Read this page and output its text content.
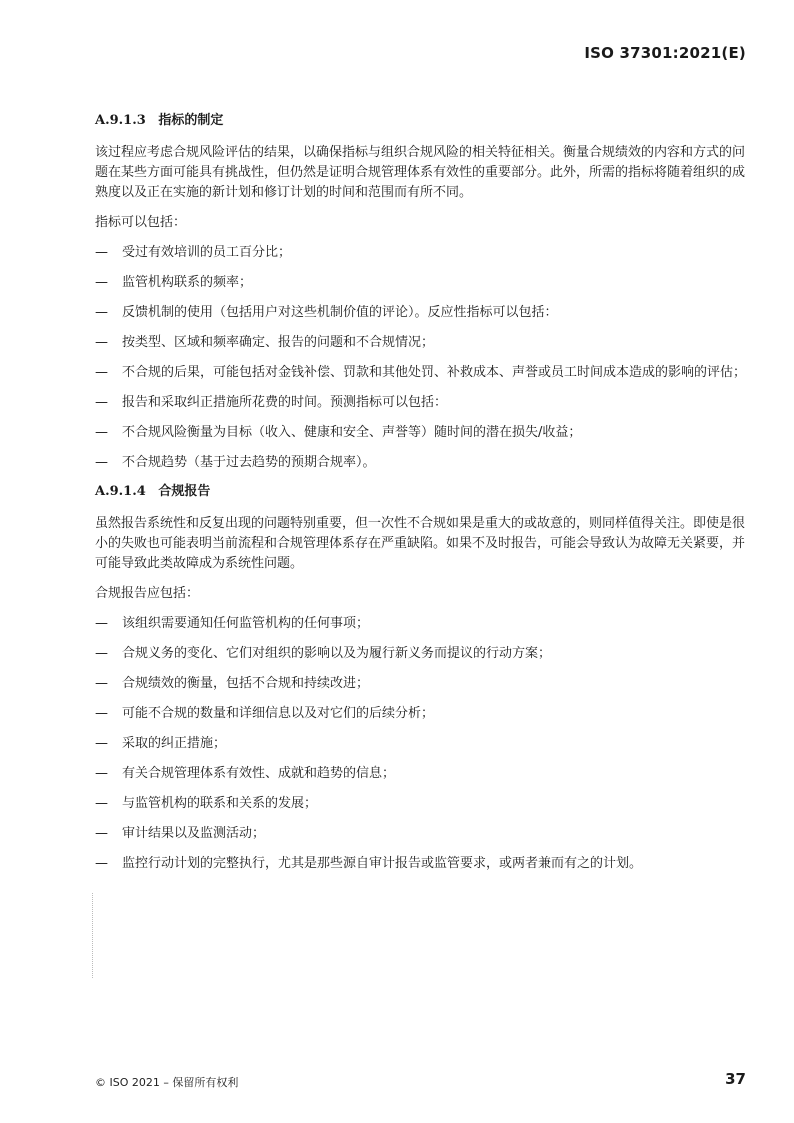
ISO 37301:2021(E)
A.9.1.3 指标的制定

该过程应考虑合规风险评估的结果，以确保指标与组织合规风险的相关特征相关。衡量合规绩效的内容和方式的问题在某些方面可能具有挑战性，但仍然是证明合规管理体系有效性的重要部分。此外，所需的指标将随着组织的成熟度以及正在实施的新计划和修订计划的时间和范围而有所不同。

指标可以包括：

— 受过有效培训的员工百分比；
— 监管机构联系的频率；
— 反馈机制的使用（包括用户对这些机制价值的评论）。反应性指标可以包括：
— 按类型、区域和频率确定、报告的问题和不合规情况；
— 不合规的后果，可能包括对金钱补偿、罚款和其他处罚、补救成本、声誉或员工时间成本造成的影响的评估；
— 报告和采取纠正措施所花费的时间。预测指标可以包括：
— 不合规风险衡量为目标（收入、健康和安全、声誉等）随时间的潜在损失/收益；
— 不合规趋势（基于过去趋势的预期合规率）。
A.9.1.4 合规报告

虽然报告系统性和反复出现的问题特别重要，但一次性不合规如果是重大的或故意的，则同样值得关注。即使是很小的失败也可能表明当前流程和合规管理体系存在严重缺陷。如果不及时报告，可能会导致认为故障无关紧要，并可能导致此类故障成为系统性问题。

合规报告应包括：

— 该组织需要通知任何监管机构的任何事项；
— 合规义务的变化、它们对组织的影响以及为履行新义务而提议的行动方案；
— 合规绩效的衡量，包括不合规和持续改进；
— 可能不合规的数量和详细信息以及对它们的后续分析；
— 采取的纠正措施；
— 有关合规管理体系有效性、成就和趋势的信息；
— 与监管机构的联系和关系的发展；
— 审计结果以及监测活动；
— 监控行动计划的完整执行，尤其是那些源自审计报告或监管要求，或两者兼而有之的计划。
© ISO 2021 – 保留所有权利	37
